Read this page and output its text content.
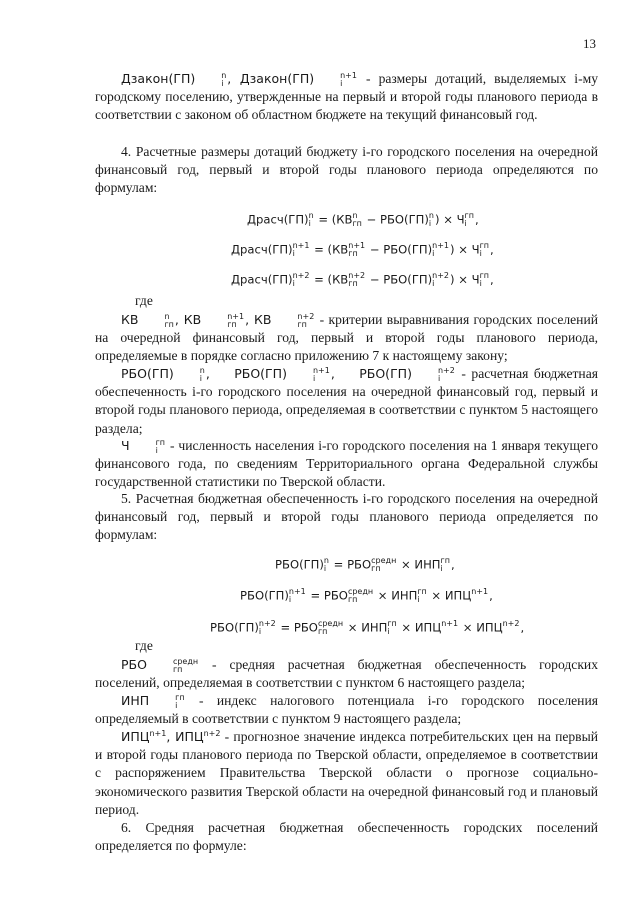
13
Дзакон(ГП)	n
i , Дзакон(ГП)	n+1
i	- размеры дотаций, выделяемых i-му городскому поселению, утвержденные на первый и второй годы планового периода в соответствии с законом об областном бюджете на текущий финансовый год.
4. Расчетные размеры дотаций бюджету i-го городского поселения на очередной финансовый год, первый и второй годы планового периода определяются по формулам:
Драсч(ГП) n
i = (КВ n
гп − РБО(ГП) n
i ) × Ч гп
i ,
Драсч(ГП) n+1
i	= (КВ n+1
гп − РБО(ГП) n+1
i	) × Ч гп
i ,
Драсч(ГП) n+2
i	= (КВ n+2
гп − РБО(ГП) n+2
i	) × Ч гп
i ,
где
КВ	n
гп , КВ	n+1
гп , КВ	n+2
гп - критерии выравнивания городских поселений на очередной финансовый год, первый и второй годы планового периода, определяемые в порядке согласно приложению 7 к настоящему закону;
РБО(ГП)	n
i ,    РБО(ГП)	n+1
i	,    РБО(ГП)	n+2
i	- расчетная бюджетная обеспеченность i-го городского поселения на очередной финансовый год, первый и второй годы планового периода, определяемая в соответствии с пунктом 5 настоящего раздела;
Ч	гп
i - численность населения i-го городского поселения на 1 января текущего финансового года, по сведениям Территориального органа Федеральной службы государственной статистики по Тверской области.
5. Расчетная бюджетная обеспеченность i-го городского поселения на очередной финансовый год, первый и второй годы планового периода определяется по формулам:
РБО(ГП) n
i = РБО средн
гп	× ИНП гп
i ,
РБО(ГП) n+1
i	= РБО средн
гп	× ИНП гп
i × ИПЦ n+1
,
РБО(ГП) n+2
i	= РБО средн
гп	× ИНП гп
i × ИПЦ n+1
× ИПЦ n+2
,
где
РБО	средн
гп	- средняя расчетная бюджетная обеспеченность городских поселений, определяемая в соответствии с пунктом 6 настоящего раздела;
ИНП	гп
i - индекс налогового потенциала i-го городского поселения определяемый в соответствии с пунктом 9 настоящего раздела;
$ИПЦ^{n+1}$, $ИПЦ^{n+2}$ - прогнозное значение индекса потребительских цен на первый и второй годы планового периода по Тверской области, определяемое в соответствии с распоряжением Правительства Тверской области о прогнозе социально-экономического развития Тверской области на очередной финансовый год и плановый период.
6. Средняя расчетная бюджетная обеспеченность городских поселений определяется по формуле:
